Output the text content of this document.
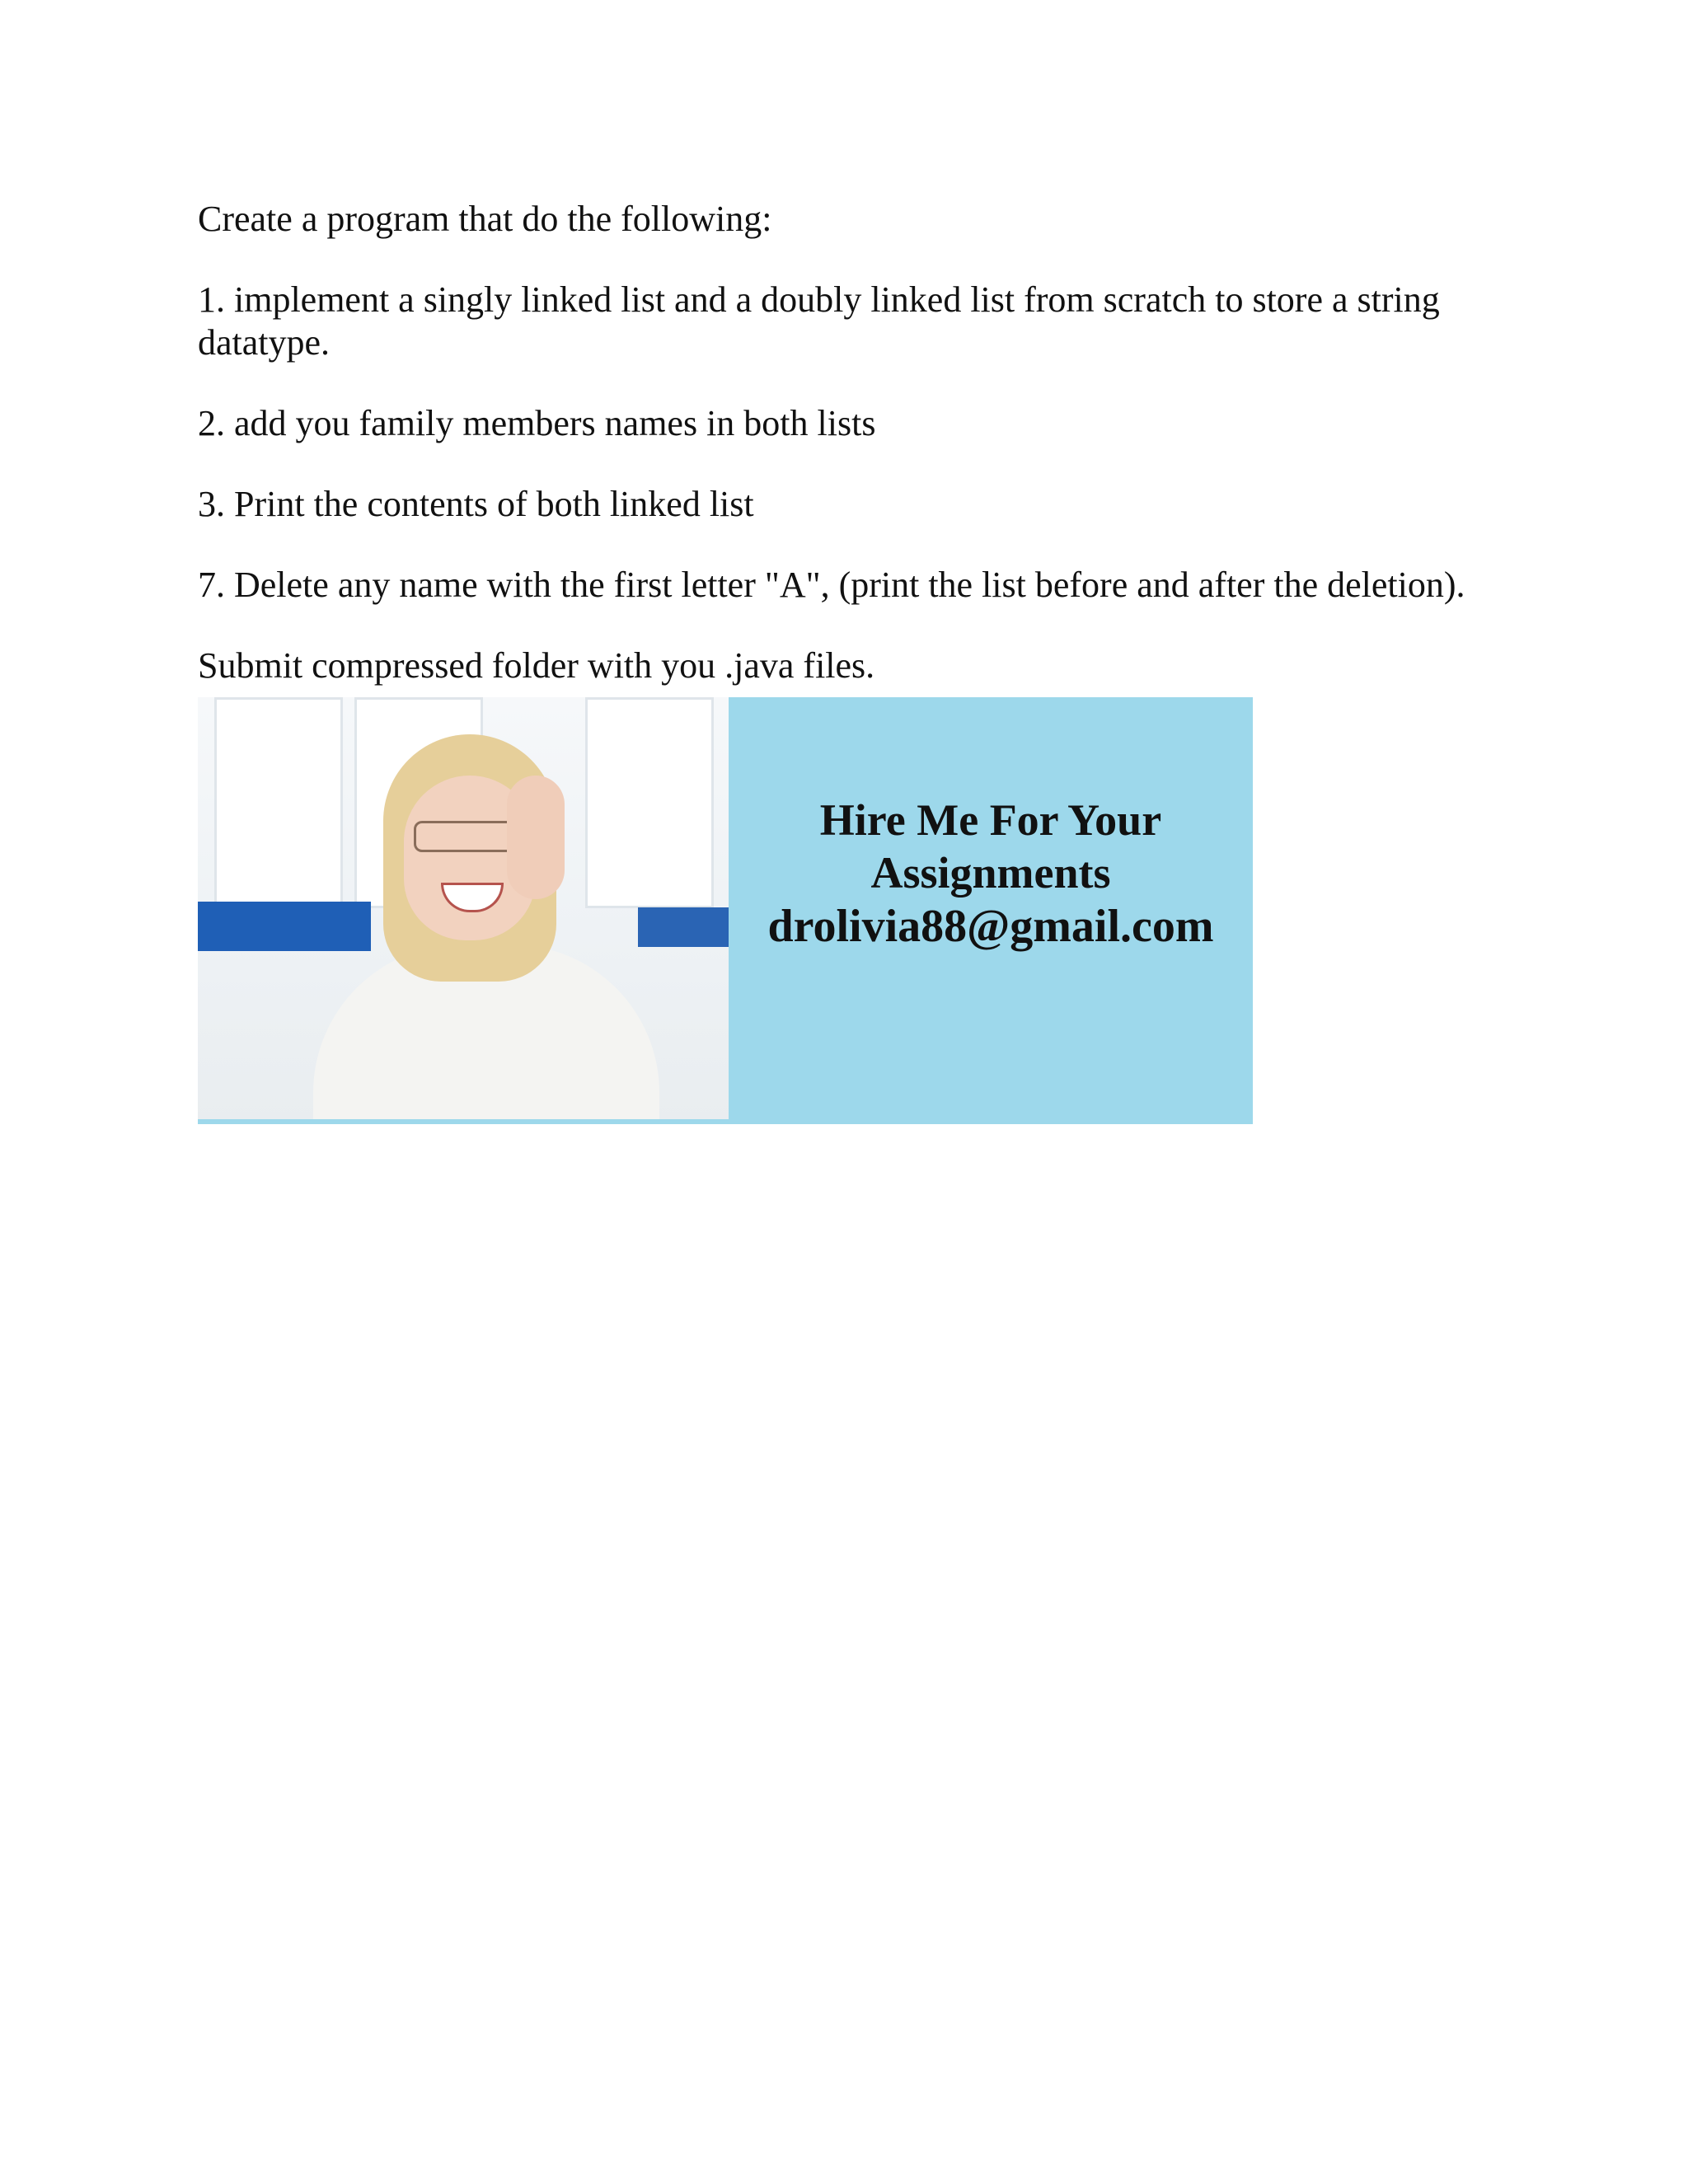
Create a program that do the following:

1. implement a singly linked list and a doubly linked list from scratch to store a string datatype.

2. add you family members names in both lists

3. Print the contents of both linked list

7. Delete any name with the first letter "A", (print the list before and after the deletion).

Submit compressed folder with you .java files.

Hire Me For Your
Assignments
drolivia88@gmail.com
